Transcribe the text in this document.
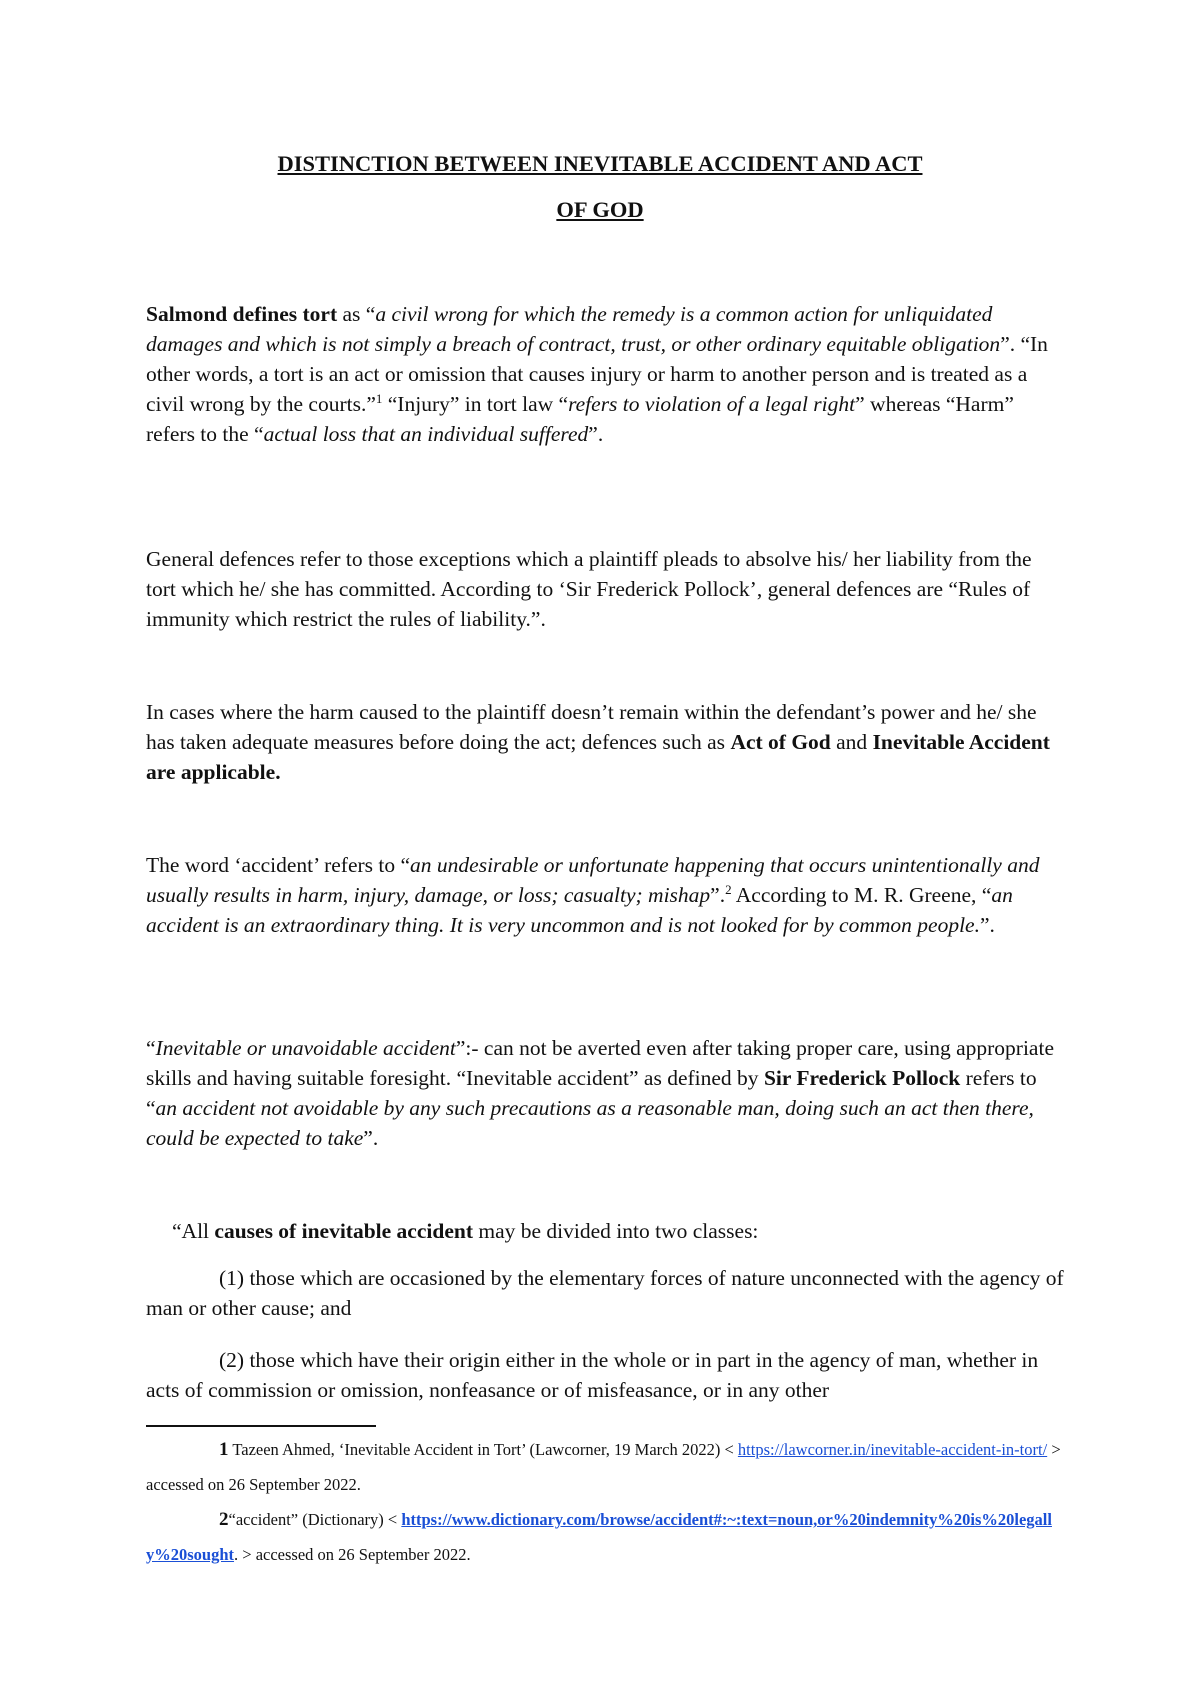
DISTINCTION BETWEEN INEVITABLE ACCIDENT AND ACT
OF GOD

Salmond defines tort as “a civil wrong for which the remedy is a common action for unliquidated damages and which is not simply a breach of contract, trust, or other ordinary equitable obligation”. “In other words, a tort is an act or omission that causes injury or harm to another person and is treated as a civil wrong by the courts.”$^1$ “Injury” in tort law “refers to violation of a legal right” whereas “Harm” refers to the “actual loss that an individual suffered”.

General defences refer to those exceptions which a plaintiff pleads to absolve his/ her liability from the tort which he/ she has committed. According to ‘Sir Frederick Pollock’, general defences are “Rules of immunity which restrict the rules of liability.”.

In cases where the harm caused to the plaintiff doesn’t remain within the defendant’s power and he/ she has taken adequate measures before doing the act; defences such as Act of God and Inevitable Accident are applicable.

The word ‘accident’ refers to “an undesirable or unfortunate happening that occurs unintentionally and usually results in harm, injury, damage, or loss; casualty; mishap”.$^2$ According to M. R. Greene, “an accident is an extraordinary thing. It is very uncommon and is not looked for by common people.”.

“Inevitable or unavoidable accident”:- can not be averted even after taking proper care, using appropriate skills and having suitable foresight. “Inevitable accident” as defined by Sir Frederick Pollock refers to “an accident not avoidable by any such precautions as a reasonable man, doing such an act then there, could be expected to take”.

“All causes of inevitable accident may be divided into two classes:

(1) those which are occasioned by the elementary forces of nature unconnected with the agency of man or other cause; and

(2) those which have their origin either in the whole or in part in the agency of man, whether in acts of commission or omission, nonfeasance or of misfeasance, or in any other

1 Tazeen Ahmed, ‘Inevitable Accident in Tort’ (Lawcorner, 19 March 2022) < https://lawcorner.in/inevitable-accident-in-tort/ > accessed on 26 September 2022.
2“accident” (Dictionary) < https://www.dictionary.com/browse/accident#:~:text=noun,or%20indemnity%20is%20legally%20sought. > accessed on 26 September 2022.
